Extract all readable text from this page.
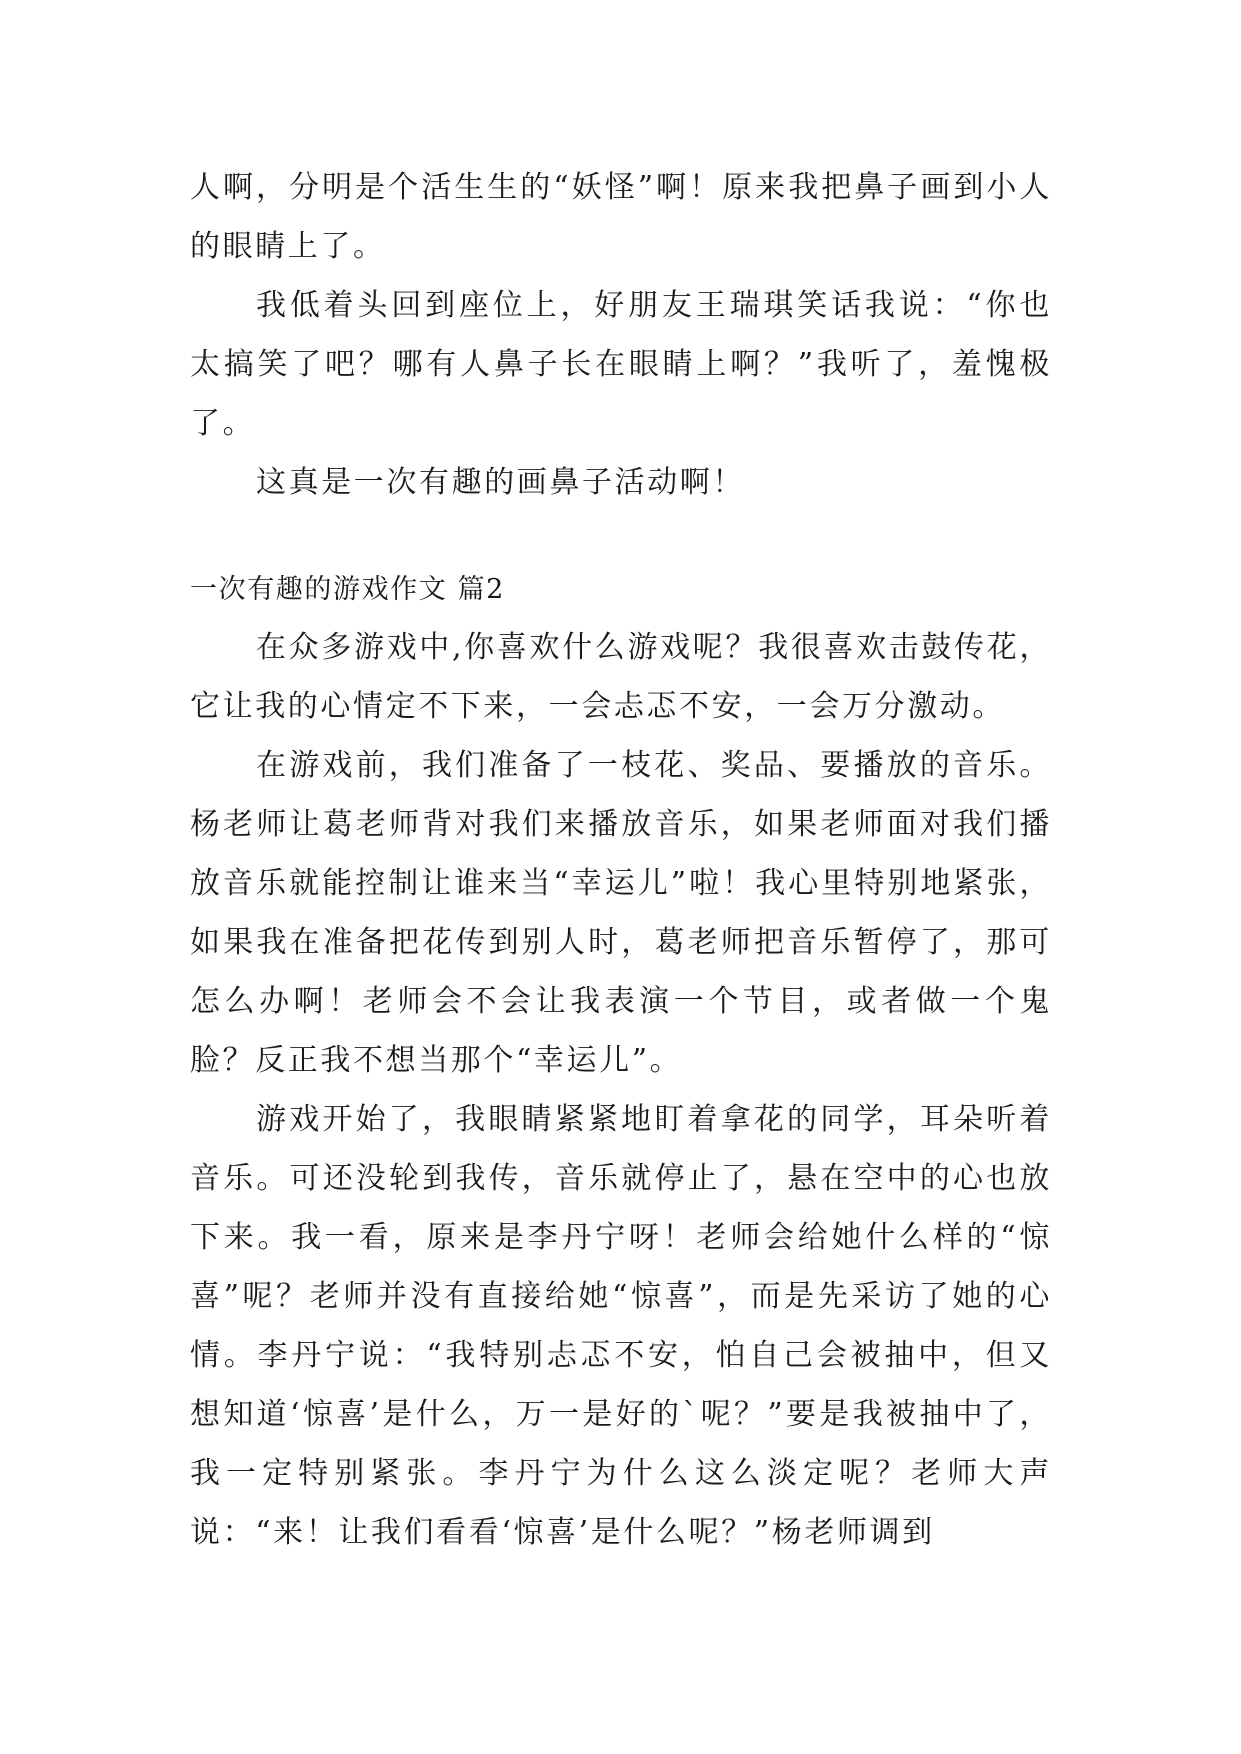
人啊，分明是个活生生的“妖怪”啊！原来我把鼻子画到小人的眼睛上了。

我低着头回到座位上，好朋友王瑞琪笑话我说：“你也太搞笑了吧？哪有人鼻子长在眼睛上啊？”我听了，羞愧极了。

这真是一次有趣的画鼻子活动啊！

一次有趣的游戏作文 篇2

在众多游戏中,你喜欢什么游戏呢？我很喜欢击鼓传花，它让我的心情定不下来，一会忐忑不安，一会万分激动。

在游戏前，我们准备了一枝花、奖品、要播放的音乐。杨老师让葛老师背对我们来播放音乐，如果老师面对我们播放音乐就能控制让谁来当“幸运儿”啦！我心里特别地紧张，如果我在准备把花传到别人时，葛老师把音乐暂停了，那可怎么办啊！老师会不会让我表演一个节目，或者做一个鬼脸？反正我不想当那个“幸运儿”。

游戏开始了，我眼睛紧紧地盯着拿花的同学，耳朵听着音乐。可还没轮到我传，音乐就停止了，悬在空中的心也放下来。我一看，原来是李丹宁呀！老师会给她什么样的“惊喜”呢？老师并没有直接给她“惊喜”，而是先采访了她的心情。李丹宁说：“我特别忐忑不安，怕自己会被抽中，但又想知道‘惊喜’是什么，万一是好的`呢？”要是我被抽中了，我一定特别紧张。李丹宁为什么这么淡定呢？老师大声说：“来！让我们看看‘惊喜’是什么呢？”杨老师调到
